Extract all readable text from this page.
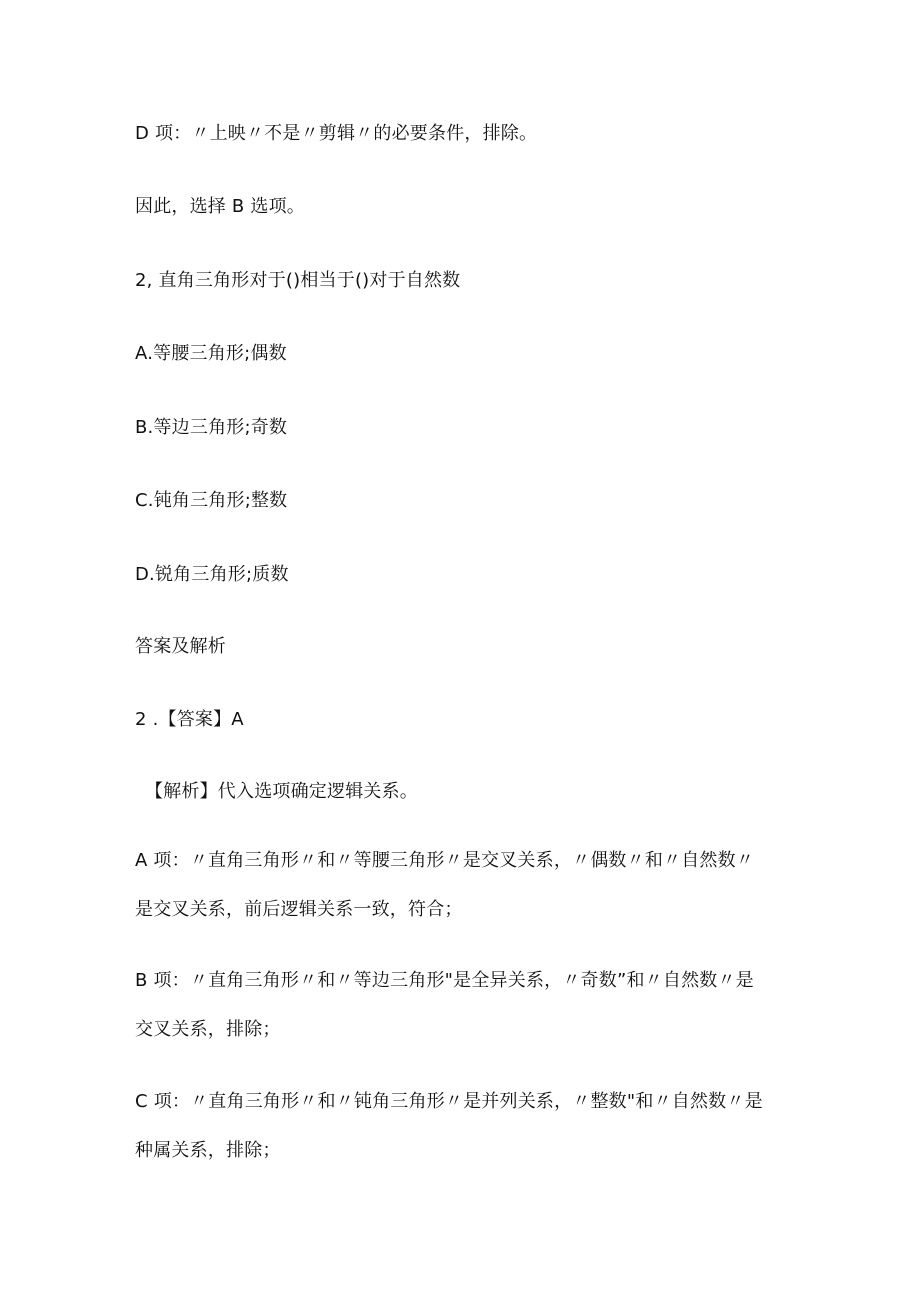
D 项：〃上映〃不是〃剪辑〃的必要条件，排除。
因此，选择 B 选项。
2, 直角三角形对于()相当于()对于自然数
A.等腰三角形;偶数
B.等边三角形;奇数
C.钝角三角形;整数
D.锐角三角形;质数
答案及解析
2 .【答案】A
【解析】代入选项确定逻辑关系。
A 项：〃直角三角形〃和〃等腰三角形〃是交叉关系，〃偶数〃和〃自然数〃
是交叉关系，前后逻辑关系一致，符合；
B 项：〃直角三角形〃和〃等边三角形"是全异关系，〃奇数”和〃自然数〃是
交叉关系，排除；
C 项：〃直角三角形〃和〃钝角三角形〃是并列关系，〃整数"和〃自然数〃是
种属关系，排除；
